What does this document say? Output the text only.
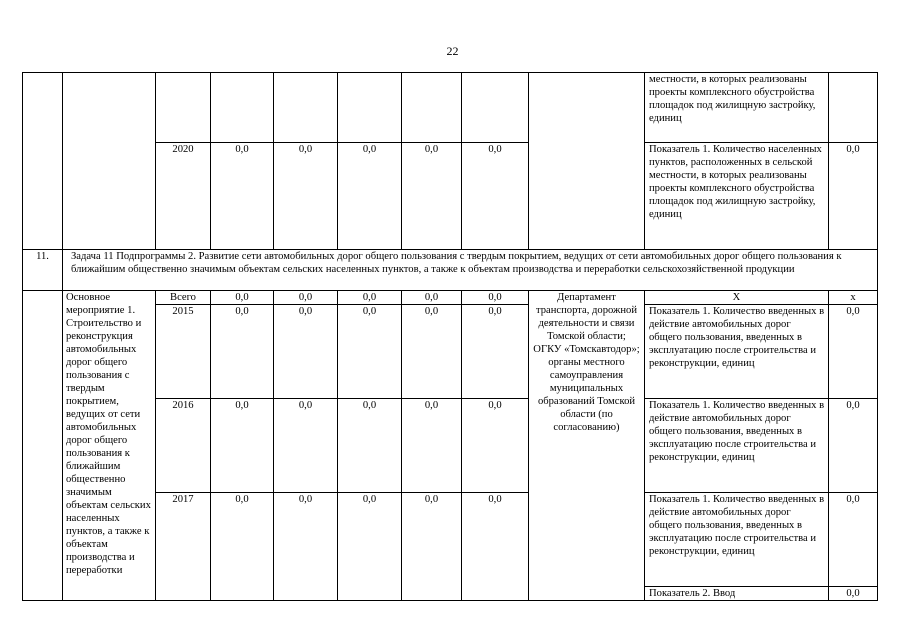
22
									местности, в которых реализованы проекты комплексного обустройства площадок под жилищную застройку, единиц	
		2020	0,0	0,0	0,0	0,0	0,0		Показатель 1. Количество населенных пунктов, расположенных в сельской местности, в которых реализованы проекты комплексного обустройства площадок под жилищную застройку, единиц	0,0
11.	Задача 11 Подпрограммы 2. Развитие сети автомобильных дорог общего пользования с твердым покрытием, ведущих от сети автомобильных дорог общего пользования к ближайшим общественно значимым объектам сельских населенных пунктов, а также к объектам производства и переработки сельскохозяйственной продукции									
	Основное мероприятие 1. Строительство и реконструкция автомобильных дорог общего пользования с твердым покрытием, ведущих от сети автомобильных дорог общего пользования к ближайшим общественно значимым объектам сельских населенных пунктов, а также к объектам производства и переработки	Всего	0,0	0,0	0,0	0,0	0,0	Департамент транспорта, дорожной деятельности и связи Томской области; ОГКУ «Томскавтодор»; органы местного самоуправления муниципальных образований Томской области (по согласованию)	Х	х
		2015	0,0	0,0	0,0	0,0	0,0		Показатель 1. Количество введенных в действие автомобильных дорог общего пользования, введенных в эксплуатацию после строительства и реконструкции, единиц	0,0
		2016	0,0	0,0	0,0	0,0	0,0		Показатель 1. Количество введенных в действие автомобильных дорог общего пользования, введенных в эксплуатацию после строительства и реконструкции, единиц	0,0
		2017	0,0	0,0	0,0	0,0	0,0		Показатель 1. Количество введенных в действие автомобильных дорог общего пользования, введенных в эксплуатацию после строительства и реконструкции, единиц	0,0
									Показатель 2. Ввод	0,0
